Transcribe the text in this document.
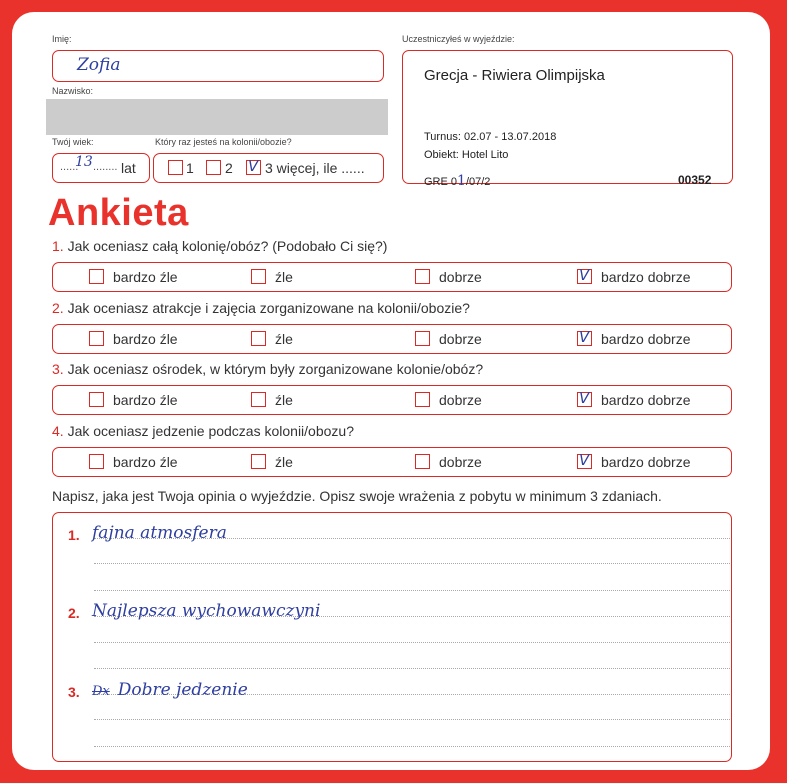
Imię:
Zofia
Nazwisko:
Twój wiek:
......
13 ........ lat
Który raz jesteś na kolonii/obozie?
1 2 V 3 więcej, ile ......
Uczestniczyłeś w wyjeździe:
Grecja - Riwiera Olimpijska
Turnus: 02.07 - 13.07.2018
Obiekt: Hotel Lito
GRE 01/07/2	00352
Ankieta
1. Jak oceniasz całą kolonię/obóz? (Podobało Ci się?)
bardzo źle	źle	dobrze	V bardzo dobrze
2. Jak oceniasz atrakcje i zajęcia zorganizowane na kolonii/obozie?
bardzo źle	źle	dobrze	V bardzo dobrze
3. Jak oceniasz ośrodek, w którym były zorganizowane kolonie/obóz?
bardzo źle	źle	dobrze	V bardzo dobrze
4. Jak oceniasz jedzenie podczas kolonii/obozu?
bardzo źle	źle	dobrze	V bardzo dobrze
Napisz, jaka jest Twoja opinia o wyjeździe. Opisz swoje wrażenia z pobytu w minimum 3 zdaniach.
1. fajna atmosfera
2. Najlepsza wychowawczyni
3. Dx Dobre jedzenie
